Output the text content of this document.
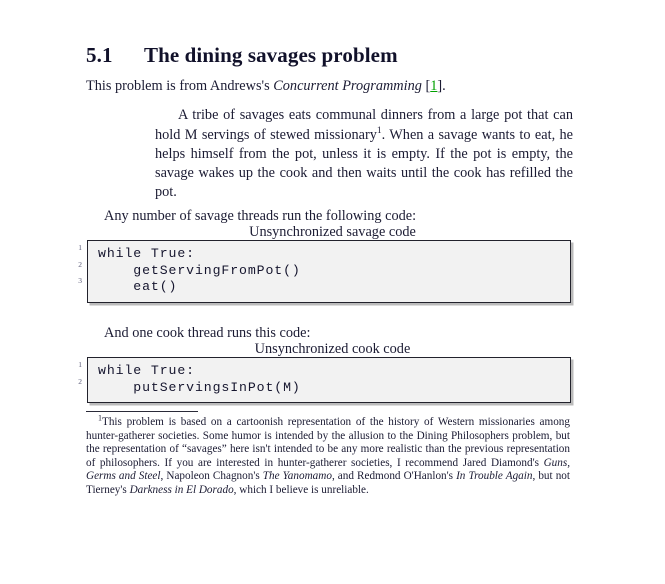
5.1 The dining savages problem

This problem is from Andrews's Concurrent Programming [1].

A tribe of savages eats communal dinners from a large pot that can hold M servings of stewed missionary$^1$. When a savage wants to eat, he helps himself from the pot, unless it is empty. If the pot is empty, the savage wakes up the cook and then waits until the cook has refilled the pot.

Any number of savage threads run the following code:

Unsynchronized savage code
1
2
3
while True:
getServingFromPot()
eat()

And one cook thread runs this code:

Unsynchronized cook code
1
2
while True:
putServingsInPot(M)
$^1$This problem is based on a cartoonish representation of the history of Western missionaries among hunter-gatherer societies. Some humor is intended by the allusion to the Dining Philosophers problem, but the representation of “savages” here isn't intended to be any more realistic than the previous representation of philosophers. If you are interested in hunter-gatherer societies, I recommend Jared Diamond's Guns, Germs and Steel, Napoleon Chagnon's The Yanomamo, and Redmond O'Hanlon's In Trouble Again, but not Tierney's Darkness in El Dorado, which I believe is unreliable.
